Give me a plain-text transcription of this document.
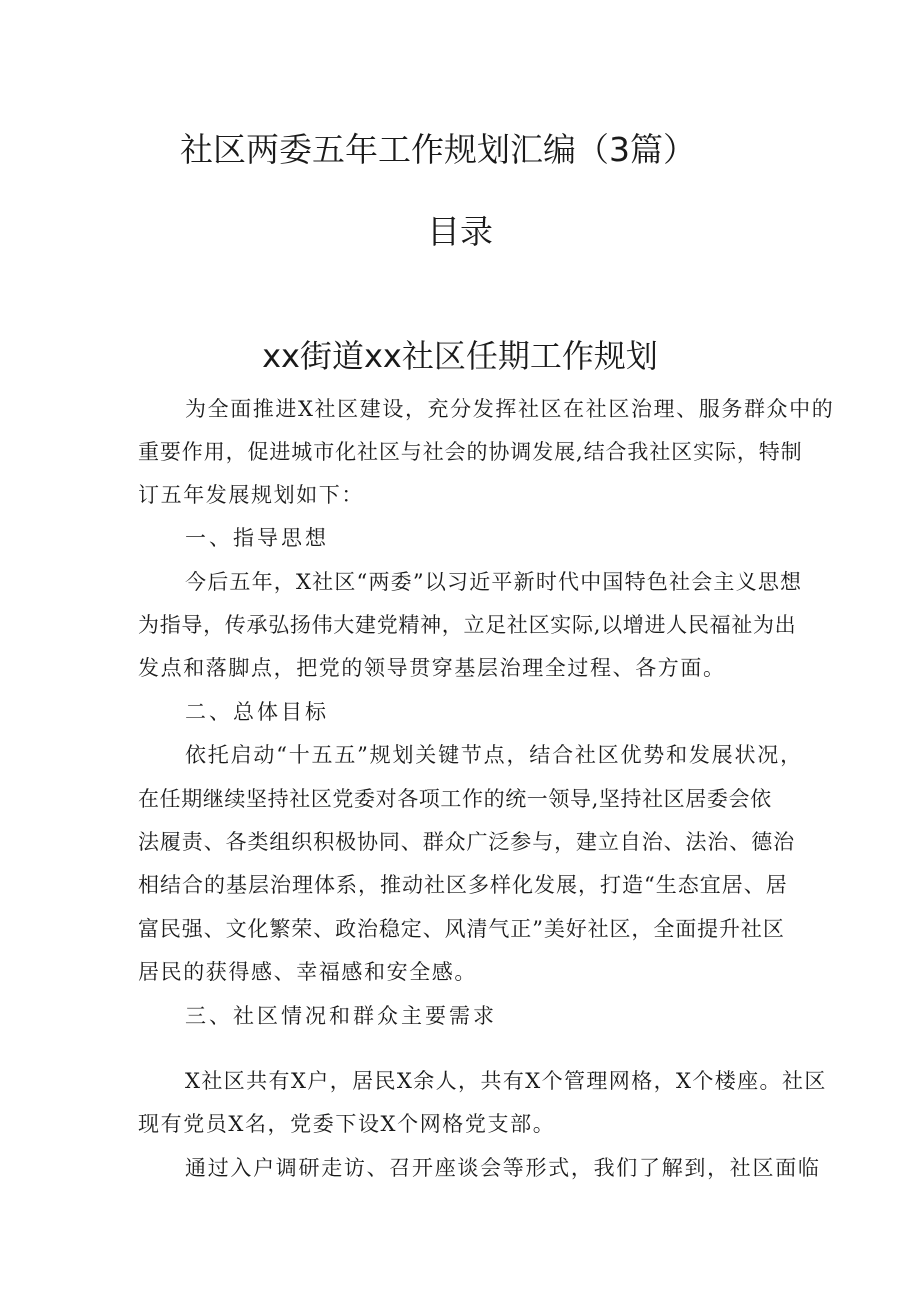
社区两委五年工作规划汇编（3篇）
目录
xx街道xx社区任期工作规划
为全面推进X社区建设，充分发挥社区在社区治理、服务群众中的
重要作用，促进城市化社区与社会的协调发展,结合我社区实际，特制
订五年发展规划如下：
一、指导思想
今后五年，X社区“两委”以习近平新时代中国特色社会主义思想
为指导，传承弘扬伟大建党精神，立足社区实际,以增进人民福祉为出
发点和落脚点，把党的领导贯穿基层治理全过程、各方面。
二、总体目标
依托启动“十五五”规划关键节点，结合社区优势和发展状况，
在任期继续坚持社区党委对各项工作的统一领导,坚持社区居委会依
法履责、各类组织积极协同、群众广泛参与，建立自治、法治、德治
相结合的基层治理体系，推动社区多样化发展，打造“生态宜居、居
富民强、文化繁荣、政治稳定、风清气正”美好社区，全面提升社区
居民的获得感、幸福感和安全感。
三、社区情况和群众主要需求
X社区共有X户，居民X余人，共有X个管理网格，X个楼座。社区
现有党员X名，党委下设X个网格党支部。
通过入户调研走访、召开座谈会等形式，我们了解到，社区面临
